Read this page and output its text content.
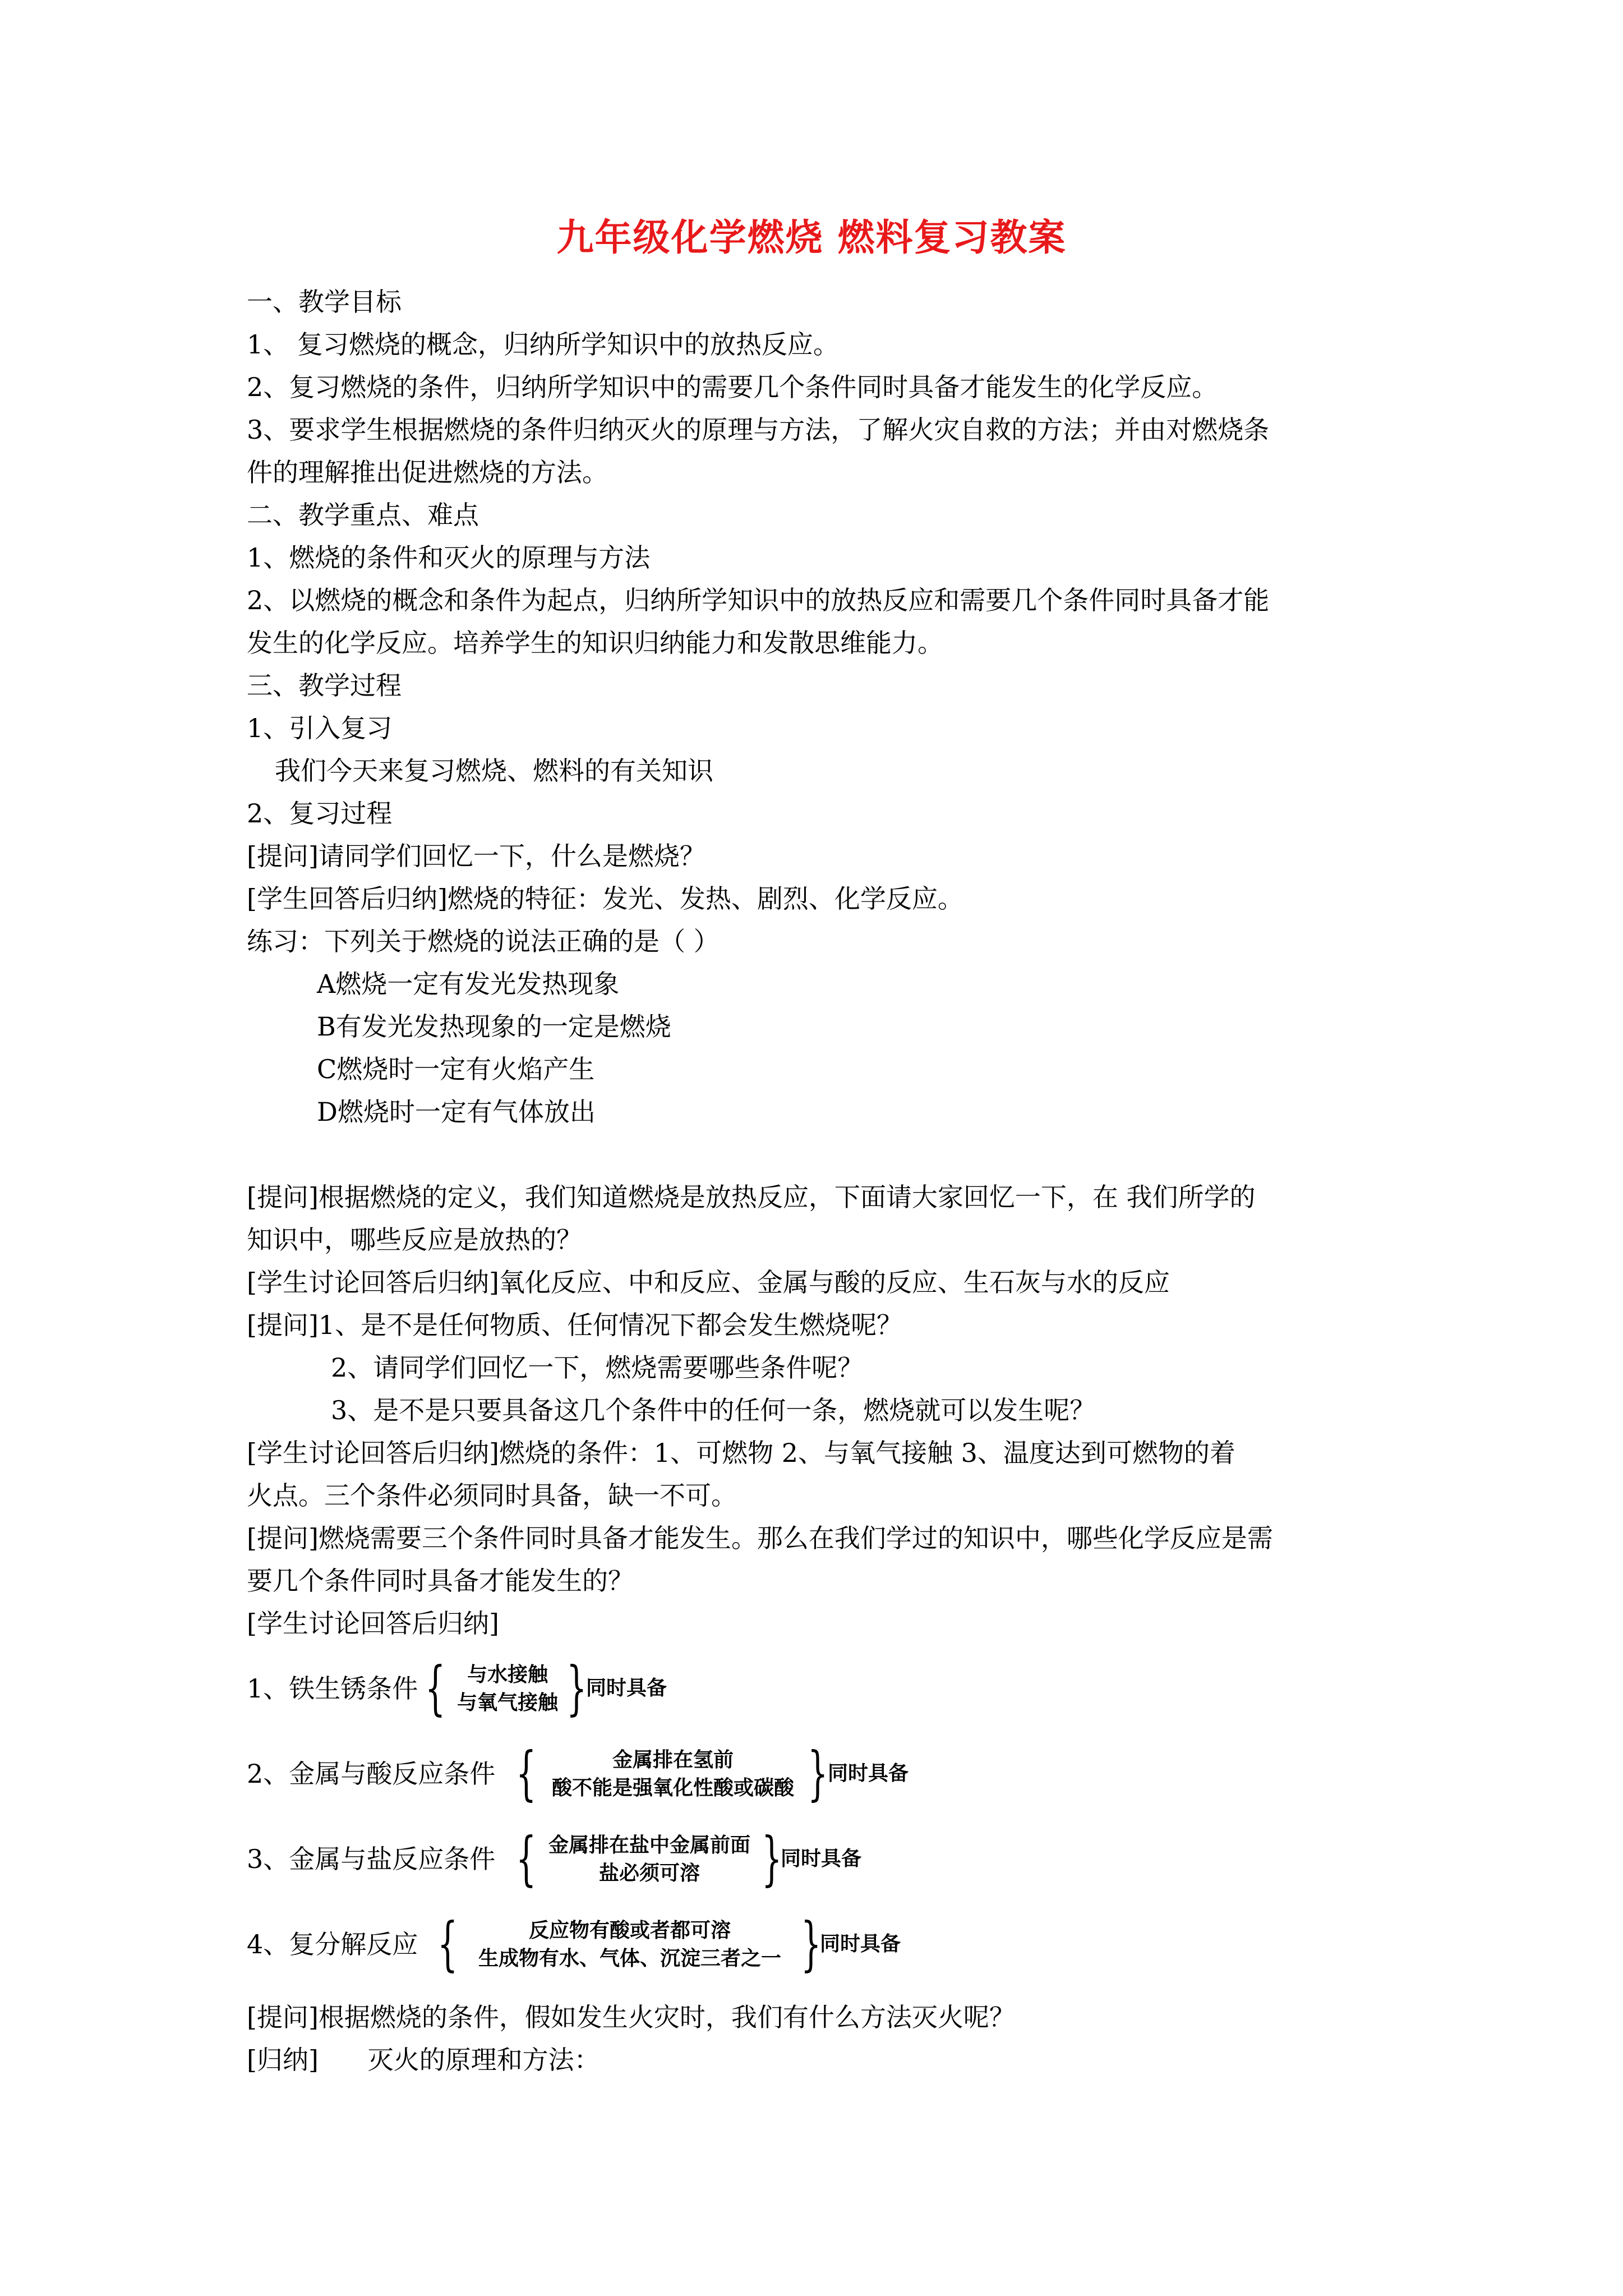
九年级化学燃烧 燃料复习教案
一、教学目标
1、 复习燃烧的概念，归纳所学知识中的放热反应。
2、复习燃烧的条件，归纳所学知识中的需要几个条件同时具备才能发生的化学反应。
3、要求学生根据燃烧的条件归纳灭火的原理与方法，了解火灾自救的方法；并由对燃烧条
件的理解推出促进燃烧的方法。
二、教学重点、难点
1、燃烧的条件和灭火的原理与方法
2、以燃烧的概念和条件为起点，归纳所学知识中的放热反应和需要几个条件同时具备才能
发生的化学反应。培养学生的知识归纳能力和发散思维能力。
三、教学过程
1、引入复习
我们今天来复习燃烧、燃料的有关知识
2、复习过程
[提问]请同学们回忆一下，什么是燃烧？
[学生回答后归纳]燃烧的特征：发光、发热、剧烈、化学反应。
练习：下列关于燃烧的说法正确的是（ ）
A燃烧一定有发光发热现象
B有发光发热现象的一定是燃烧
C燃烧时一定有火焰产生
D燃烧时一定有气体放出
[提问]根据燃烧的定义，我们知道燃烧是放热反应，下面请大家回忆一下，在 我们所学的
知识中，哪些反应是放热的？
[学生讨论回答后归纳]氧化反应、中和反应、金属与酸的反应、生石灰与水的反应
[提问]1、是不是任何物质、任何情况下都会发生燃烧呢？
2、请同学们回忆一下，燃烧需要哪些条件呢？
3、是不是只要具备这几个条件中的任何一条，燃烧就可以发生呢？
[学生讨论回答后归纳]燃烧的条件：1、可燃物 2、与氧气接触 3、温度达到可燃物的着
火点。三个条件必须同时具备，缺一不可。
[提问]燃烧需要三个条件同时具备才能发生。那么在我们学过的知识中，哪些化学反应是需
要几个条件同时具备才能发生的？
[学生讨论回答后归纳]
1、铁生锈条件 {	与水接触
与氧气接触 }
同时具备
2、金属与酸反应条件 {	金属排在氢前
酸不能是强氧化性酸或碳酸 } 同时具备
3、金属与盐反应条件 { 金属排在盐中金属前面
盐必须可溶	}
同时具备
4、复分解反应 {	反应物有酸或者都可溶
生成物有水、气体、沉淀三者之一 }
同时具备
[提问]根据燃烧的条件，假如发生火灾时，我们有什么方法灭火呢？
[归纳]      灭火的原理和方法：
